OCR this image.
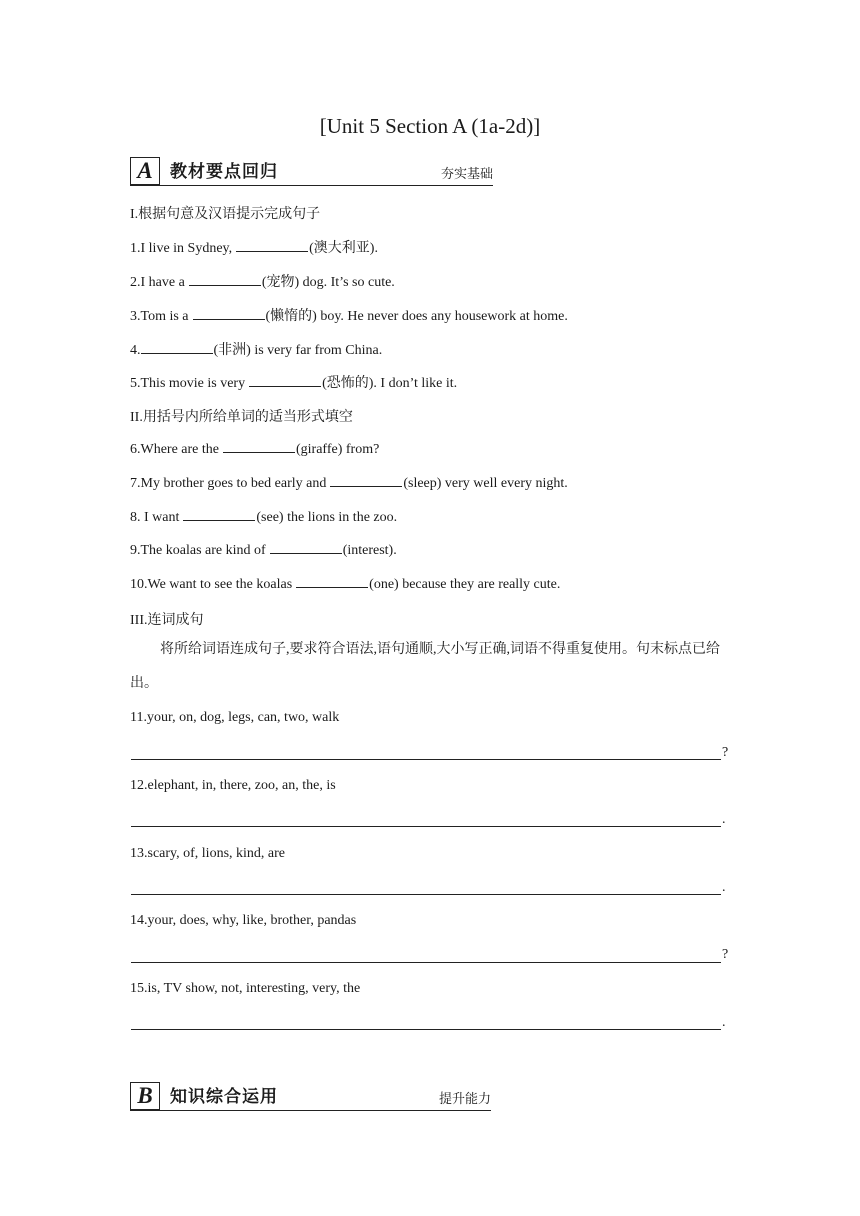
[Unit 5 Section A (1a-2d)]
A	教材要点回归	夯实基础
I.根据句意及汉语提示完成句子
1.I live in Sydney,	(澳大利亚).
2.I have a	(宠物) dog. It’s so cute.
3.Tom is a	(懒惰的) boy. He never does any housework at home.
4.	(非洲) is very far from China.
5.This movie is very	(恐怖的). I don’t like it.
II.用括号内所给单词的适当形式填空
6.Where are the	(giraffe) from?
7.My brother goes to bed early and	(sleep) very well every night.
8. I want	(see) the lions in the zoo.
9.The koalas are kind of	(interest).
10.We want to see the koalas	(one) because they are really cute.
III.连词成句
将所给词语连成句子,要求符合语法,语句通顺,大小写正确,词语不得重复使用。句末标点已给出。
11.your, on, dog, legs, can, two, walk
?
12.elephant, in, there, zoo, an, the, is
.
13.scary, of, lions, kind, are
.
14.your, does, why, like, brother, pandas
?
15.is, TV show, not, interesting, very, the
.
B	知识综合运用	提升能力
